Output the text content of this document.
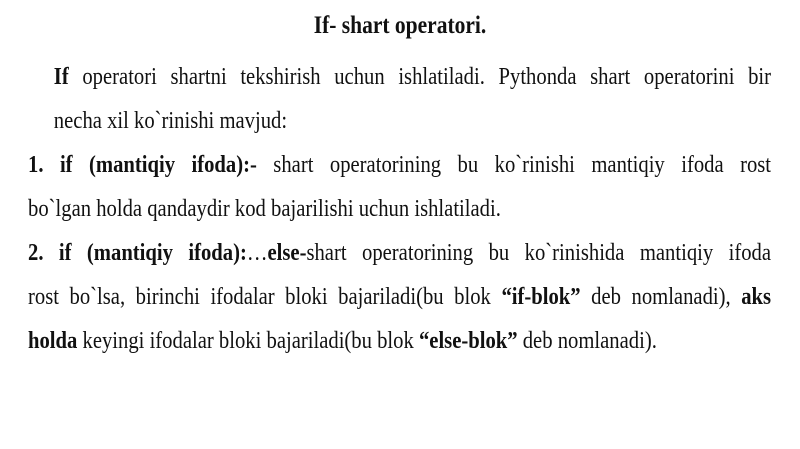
If- shart operatori.

If operatori shartni tekshirish uchun ishlatiladi. Pythonda shart operatorini bir
necha xil ko`rinishi mavjud:

1. if (mantiqiy ifoda):- shart operatorining bu ko`rinishi mantiqiy ifoda rost
bo`lgan holda qandaydir kod bajarilishi uchun ishlatiladi.

2. if (mantiqiy ifoda):…else-shart operatorining bu ko`rinishida mantiqiy ifoda
rost bo`lsa, birinchi ifodalar bloki bajariladi(bu blok “if-blok” deb nomlanadi), aks
holda keyingi ifodalar bloki bajariladi(bu blok “else-blok” deb nomlanadi).
